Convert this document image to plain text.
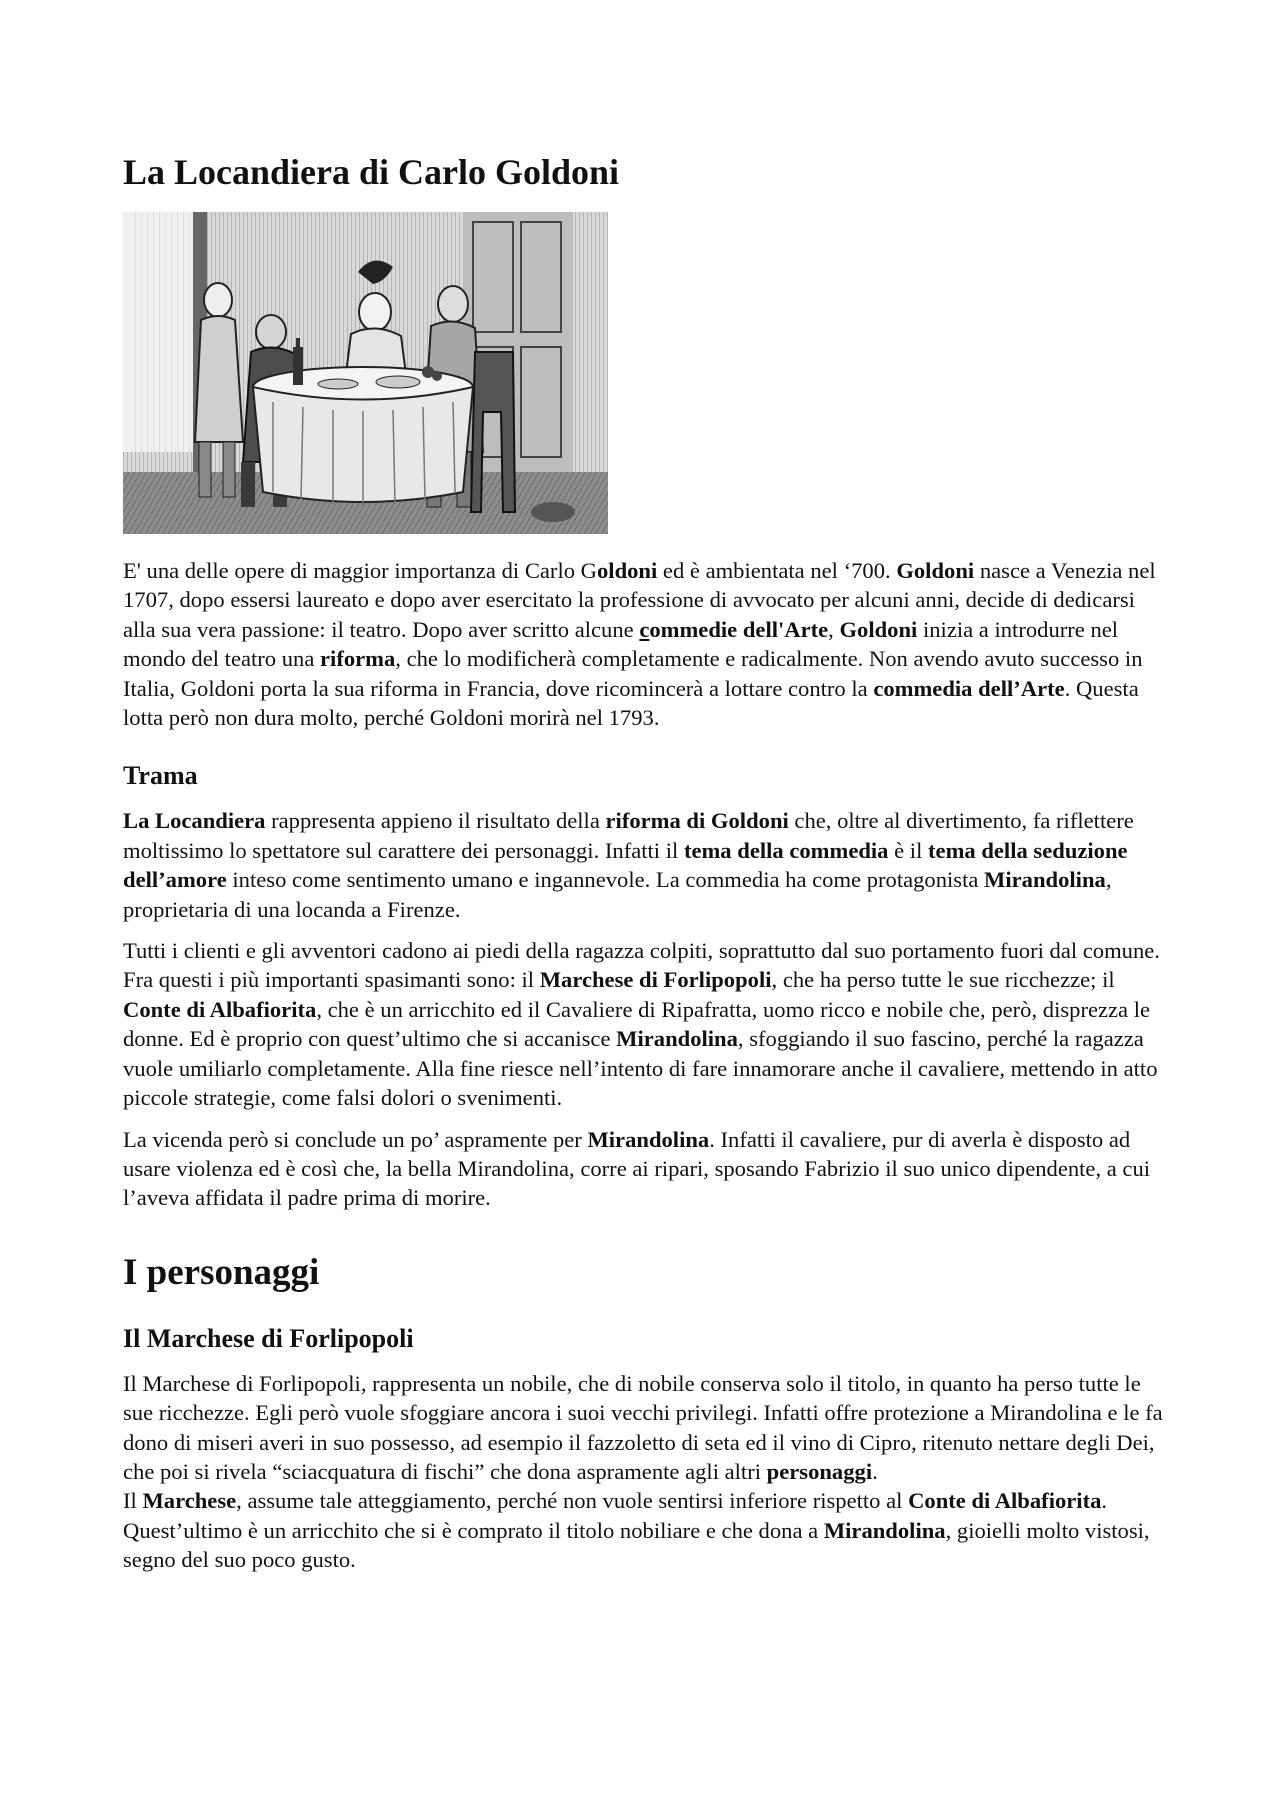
La Locandiera di Carlo Goldoni

E' una delle opere di maggior importanza di Carlo Goldoni ed è ambientata nel ‘700. Goldoni nasce a Venezia nel 1707, dopo essersi laureato e dopo aver esercitato la professione di avvocato per alcuni anni, decide di dedicarsi alla sua vera passione: il teatro. Dopo aver scritto alcune commedie dell'Arte, Goldoni inizia a introdurre nel mondo del teatro una riforma, che lo modificherà completamente e radicalmente. Non avendo avuto successo in Italia, Goldoni porta la sua riforma in Francia, dove ricomincerà a lottare contro la commedia dell’Arte. Questa lotta però non dura molto, perché Goldoni morirà nel 1793.

Trama

La Locandiera rappresenta appieno il risultato della riforma di Goldoni che, oltre al divertimento, fa riflettere moltissimo lo spettatore sul carattere dei personaggi. Infatti il tema della commedia è il tema della seduzione dell’amore inteso come sentimento umano e ingannevole. La commedia ha come protagonista Mirandolina, proprietaria di una locanda a Firenze.

Tutti i clienti e gli avventori cadono ai piedi della ragazza colpiti, soprattutto dal suo portamento fuori dal comune. Fra questi i più importanti spasimanti sono: il Marchese di Forlipopoli, che ha perso tutte le sue ricchezze; il Conte di Albafiorita, che è un arricchito ed il Cavaliere di Ripafratta, uomo ricco e nobile che, però, disprezza le donne. Ed è proprio con quest’ultimo che si accanisce Mirandolina, sfoggiando il suo fascino, perché la ragazza vuole umiliarlo completamente. Alla fine riesce nell’intento di fare innamorare anche il cavaliere, mettendo in atto piccole strategie, come falsi dolori o svenimenti.

La vicenda però si conclude un po’ aspramente per Mirandolina. Infatti il cavaliere, pur di averla è disposto ad usare violenza ed è così che, la bella Mirandolina, corre ai ripari, sposando Fabrizio il suo unico dipendente, a cui l’aveva affidata il padre prima di morire.

I personaggi
Il Marchese di Forlipopoli

Il Marchese di Forlipopoli, rappresenta un nobile, che di nobile conserva solo il titolo, in quanto ha perso tutte le sue ricchezze. Egli però vuole sfoggiare ancora i suoi vecchi privilegi. Infatti offre protezione a Mirandolina e le fa dono di miseri averi in suo possesso, ad esempio il fazzoletto di seta ed il vino di Cipro, ritenuto nettare degli Dei, che poi si rivela “sciacquatura di fischi” che dona aspramente agli altri personaggi.

Il Marchese, assume tale atteggiamento, perché non vuole sentirsi inferiore rispetto al Conte di Albafiorita. Quest’ultimo è un arricchito che si è comprato il titolo nobiliare e che dona a Mirandolina, gioielli molto vistosi, segno del suo poco gusto.
